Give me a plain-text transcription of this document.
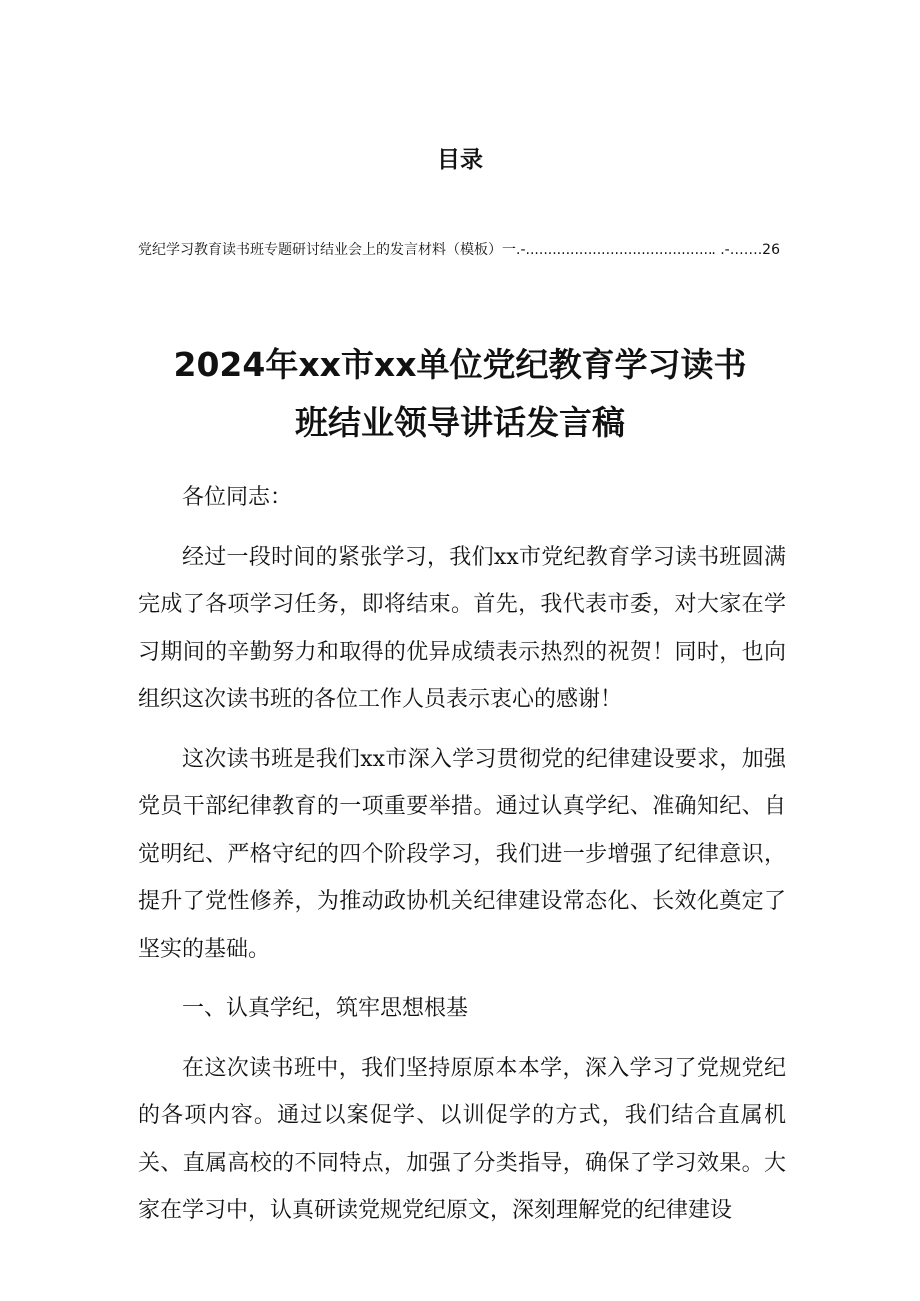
目录
党纪学习教育读书班专题研讨结业会上的发言材料（模板）一.-
.....	. .-…….26
2024年xx市xx单位党纪教育学习读书
班结业领导讲话发言稿

各位同志：

经过一段时间的紧张学习，我们xx市党纪教育学习读书班圆满完成了各项学习任务，即将结束。首先，我代表市委，对大家在学习期间的辛勤努力和取得的优异成绩表示热烈的祝贺！同时，也向组织这次读书班的各位工作人员表示衷心的感谢！

这次读书班是我们xx市深入学习贯彻党的纪律建设要求，加强党员干部纪律教育的一项重要举措。通过认真学纪、准确知纪、自觉明纪、严格守纪的四个阶段学习，我们进一步增强了纪律意识，提升了党性修养，为推动政协机关纪律建设常态化、长效化奠定了坚实的基础。

一、认真学纪，筑牢思想根基

在这次读书班中，我们坚持原原本本学，深入学习了党规党纪的各项内容。通过以案促学、以训促学的方式，我们结合直属机关、直属高校的不同特点，加强了分类指导，确保了学习效果。大家在学习中，认真研读党规党纪原文，深刻理解党的纪律建设
